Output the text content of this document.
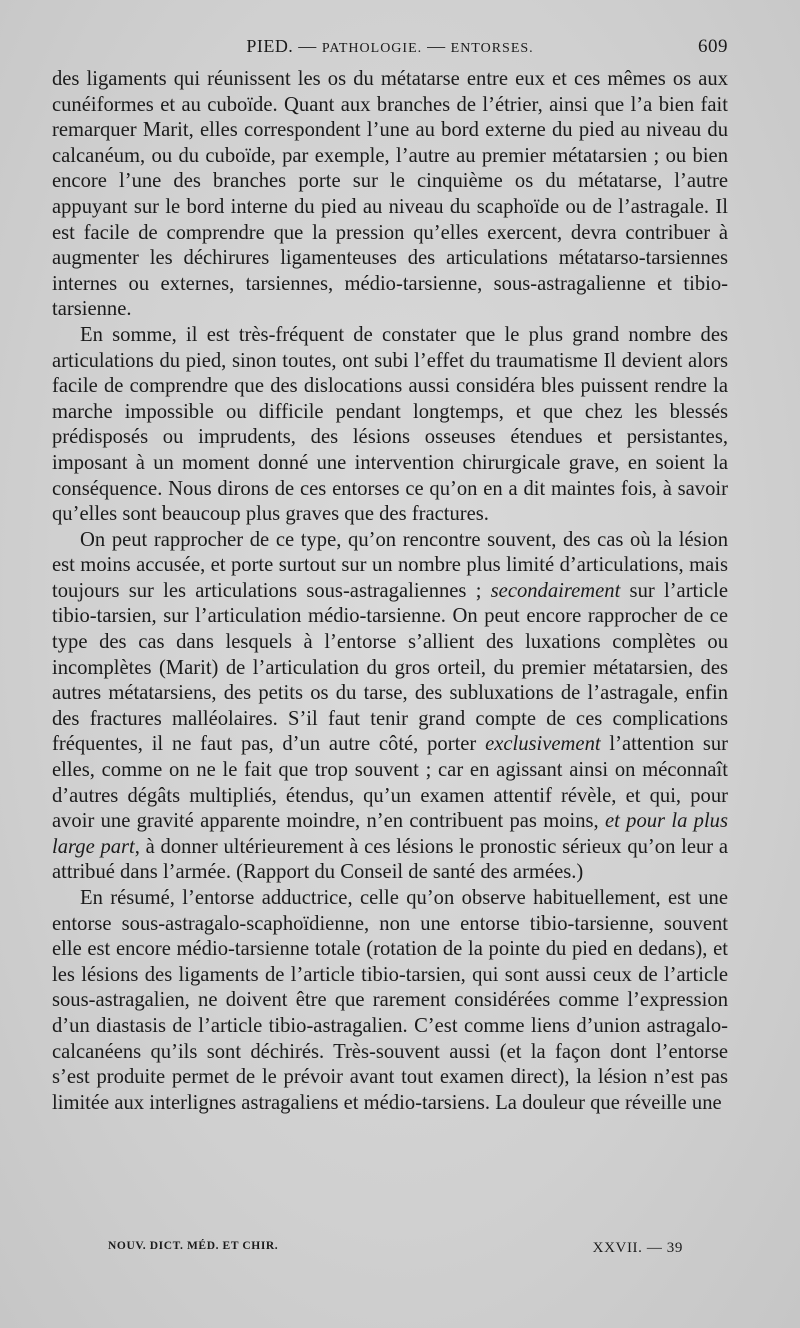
PIED. — PATHOLOGIE. — ENTORSES.	609

des ligaments qui réunissent les os du métatarse entre eux et ces mêmes os aux cunéiformes et au cuboïde. Quant aux branches de l’étrier, ainsi que l’a bien fait remarquer Marit, elles correspondent l’une au bord externe du pied au niveau du calcanéum, ou du cuboïde, par exemple, l’autre au premier métatarsien ; ou bien encore l’une des branches porte sur le cinquième os du métatarse, l’autre appuyant sur le bord interne du pied au niveau du scaphoïde ou de l’astragale. Il est facile de comprendre que la pression qu’elles exercent, devra contribuer à augmenter les déchirures ligamenteuses des articulations métatarso-tarsiennes internes ou externes, tarsiennes, médio-tarsienne, sous-astragalienne et tibio-tarsienne.

En somme, il est très-fréquent de constater que le plus grand nombre des articulations du pied, sinon toutes, ont subi l’effet du traumatisme Il devient alors facile de comprendre que des dislocations aussi considéra bles puissent rendre la marche impossible ou difficile pendant longtemps, et que chez les blessés prédisposés ou imprudents, des lésions osseuses étendues et persistantes, imposant à un moment donné une intervention chirurgicale grave, en soient la conséquence. Nous dirons de ces entorses ce qu’on en a dit maintes fois, à savoir qu’elles sont beaucoup plus graves que des fractures.

On peut rapprocher de ce type, qu’on rencontre souvent, des cas où la lésion est moins accusée, et porte surtout sur un nombre plus limité d’articulations, mais toujours sur les articulations sous-astragaliennes ; secondairement sur l’article tibio-tarsien, sur l’articulation médio-tarsienne. On peut encore rapprocher de ce type des cas dans lesquels à l’entorse s’allient des luxations complètes ou incomplètes (Marit) de l’articulation du gros orteil, du premier métatarsien, des autres métatarsiens, des petits os du tarse, des subluxations de l’astragale, enfin des fractures malléolaires. S’il faut tenir grand compte de ces complications fréquentes, il ne faut pas, d’un autre côté, porter exclusivement l’attention sur elles, comme on ne le fait que trop souvent ; car en agissant ainsi on méconnaît d’autres dégâts multipliés, étendus, qu’un examen attentif révèle, et qui, pour avoir une gravité apparente moindre, n’en contribuent pas moins, et pour la plus large part, à donner ultérieurement à ces lésions le pronostic sérieux qu’on leur a attribué dans l’armée. (Rapport du Conseil de santé des armées.)

En résumé, l’entorse adductrice, celle qu’on observe habituellement, est une entorse sous-astragalo-scaphoïdienne, non une entorse tibio-tarsienne, souvent elle est encore médio-tarsienne totale (rotation de la pointe du pied en dedans), et les lésions des ligaments de l’article tibio-tarsien, qui sont aussi ceux de l’article sous-astragalien, ne doivent être que rarement considérées comme l’expression d’un diastasis de l’article tibio-astragalien. C’est comme liens d’union astragalo-calcanéens qu’ils sont déchirés. Très-souvent aussi (et la façon dont l’entorse s’est produite permet de le prévoir avant tout examen direct), la lésion n’est pas limitée aux interlignes astragaliens et médio-tarsiens. La douleur que réveille une

NOUV. DICT. MÉD. ET CHIR.	XXVII. — 39
